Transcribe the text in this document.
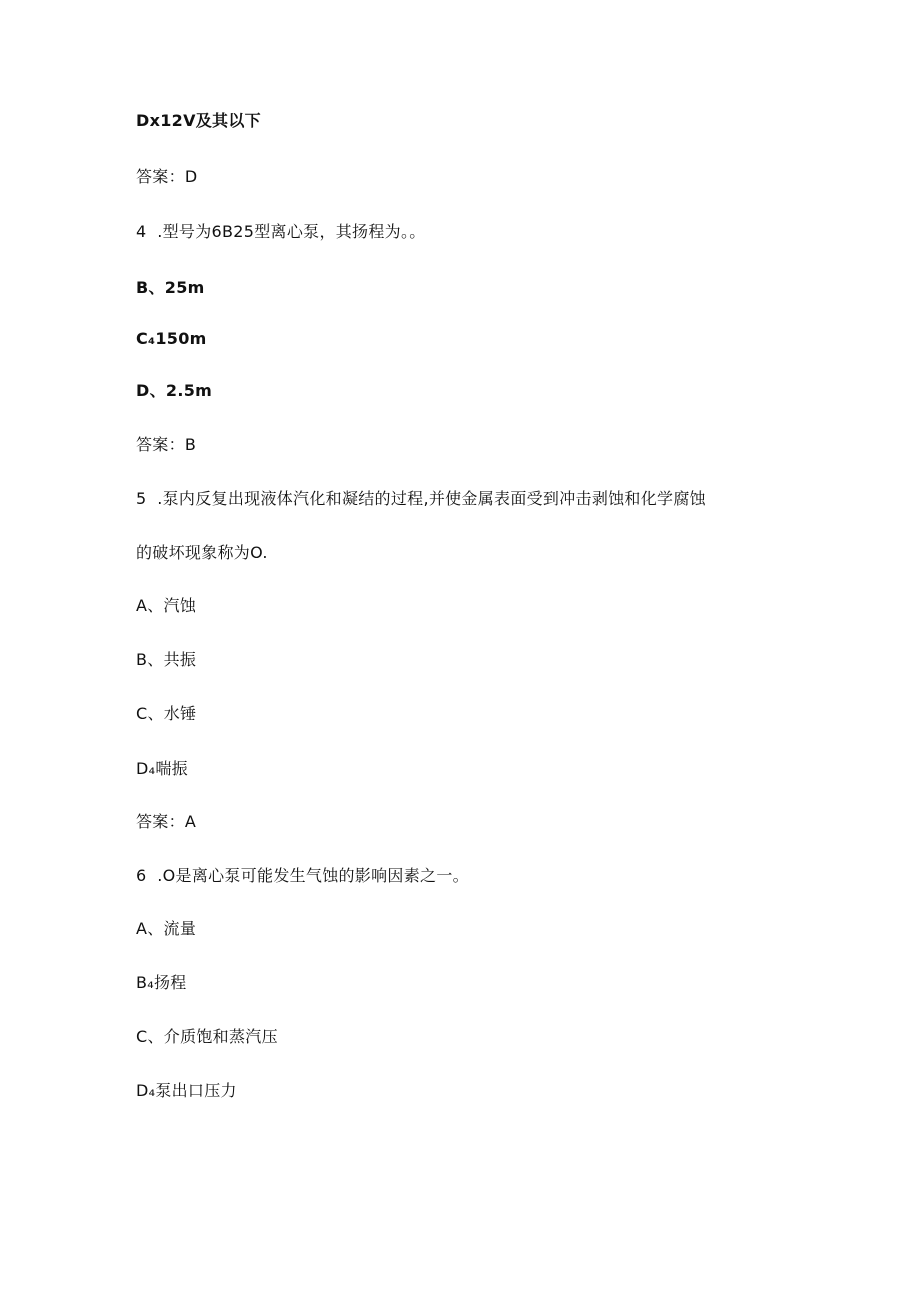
Dx12V及其以下
答案：D
4  .型号为6B25型离心泵，其扬程为。。
B、25m
C₄150m
D、2.5m
答案：B
5  .泵内反复出现液体汽化和凝结的过程,并使金属表面受到冲击剥蚀和化学腐蚀
的破坏现象称为O.
A、汽蚀
B、共振
C、水锤
D₄喘振
答案：A
6  .O是离心泵可能发生气蚀的影响因素之一。
A、流量
B₄扬程
C、介质饱和蒸汽压
D₄泵出口压力
